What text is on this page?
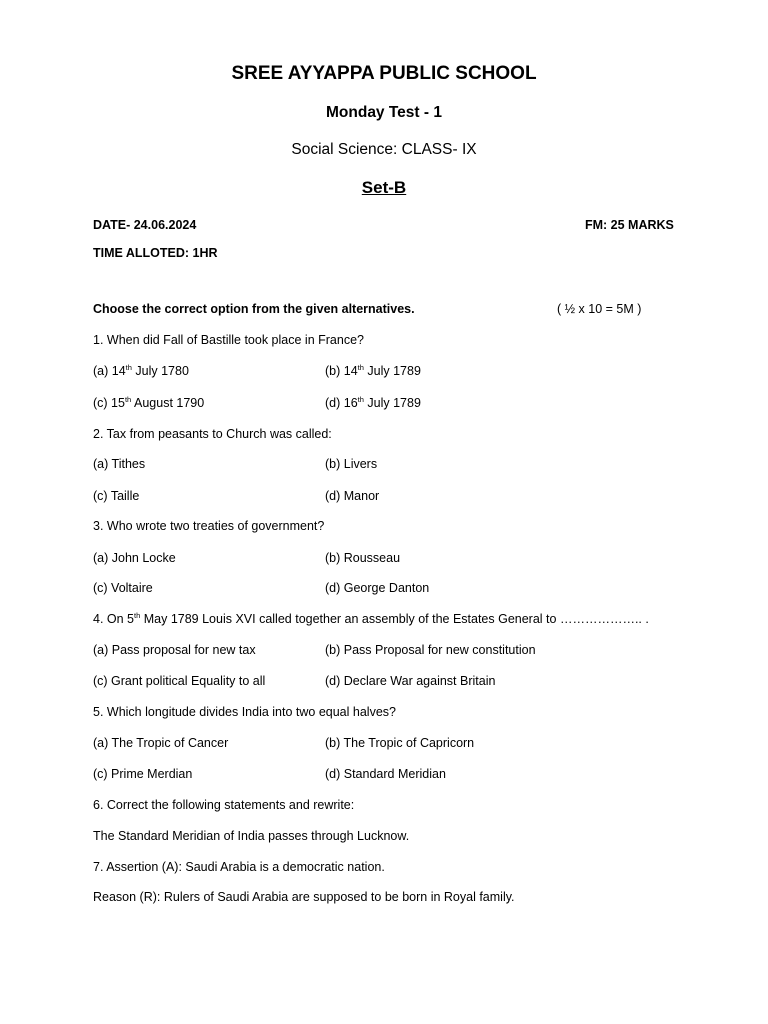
SREE AYYAPPA PUBLIC SCHOOL
Monday Test - 1
Social Science: CLASS- IX
Set-B
DATE- 24.06.2024	FM: 25 MARKS
TIME ALLOTED: 1HR
Choose the correct option from the given alternatives.	( ½ x 10 = 5M )
1. When did Fall of Bastille took place in France?
(a) 14th July 1780	(b) 14th July 1789
(c) 15th August 1790	(d) 16th July 1789
2. Tax from peasants to Church was called:
(a) Tithes	(b) Livers
(c) Taille	(d) Manor
3. Who wrote two treaties of government?
(a) John Locke	(b) Rousseau
(c) Voltaire	(d) George Danton
4. On 5th May 1789 Louis XVI called together an assembly of the Estates General to ……………….. .
(a) Pass proposal for new tax	(b) Pass Proposal for new constitution
(c) Grant political Equality to all	(d) Declare War against Britain
5. Which longitude divides India into two equal halves?
(a) The Tropic of Cancer	(b) The Tropic of Capricorn
(c) Prime Merdian	(d) Standard Meridian
6. Correct the following statements and rewrite:
The Standard Meridian of India passes through Lucknow.
7. Assertion (A): Saudi Arabia is a democratic nation.
Reason (R): Rulers of Saudi Arabia are supposed to be born in Royal family.
